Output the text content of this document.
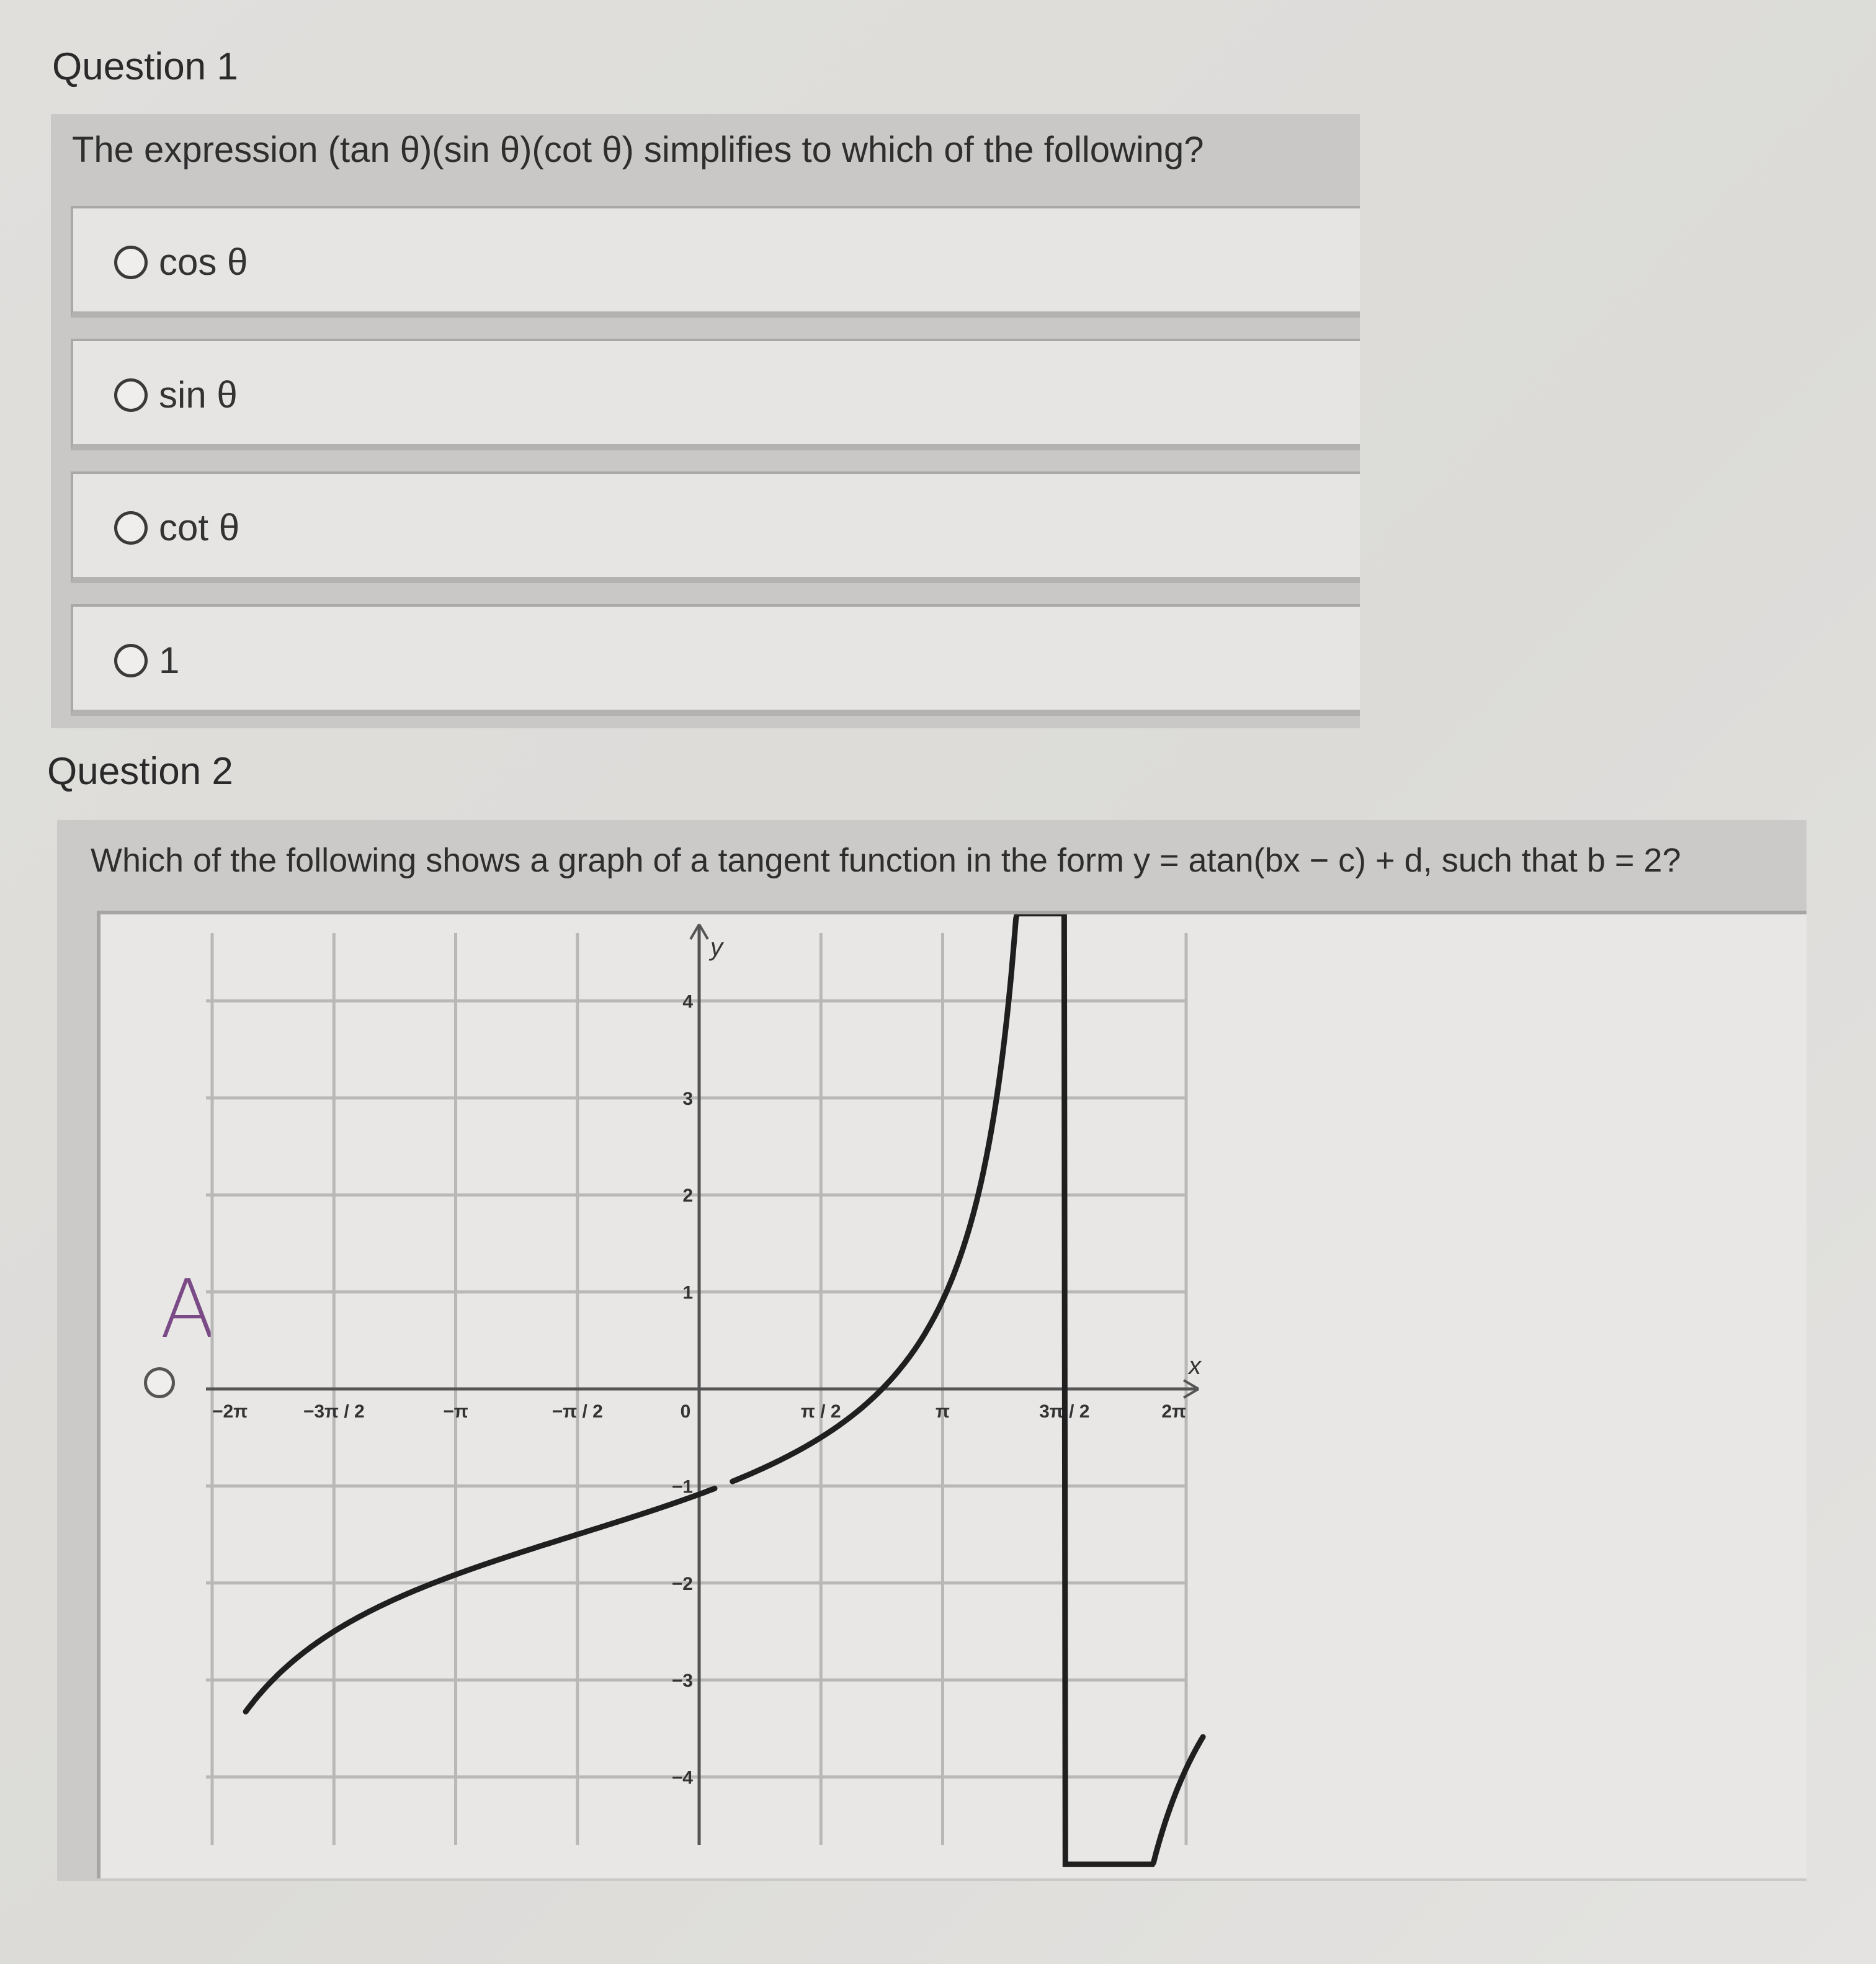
Question 1
The expression (tan θ)(sin θ)(cot θ) simplifies to which of the following?
cos θ
sin θ
cot θ
1
Question 2
Which of the following shows a graph of a tangent function in the form y = atan(bx − c) + d, such that b = 2?
A
x
y
−2π	−3π / 2	−π	−π / 2	0	π / 2	π	3π / 2	2π
4
3
2
1
−1
−2
−3
−4
